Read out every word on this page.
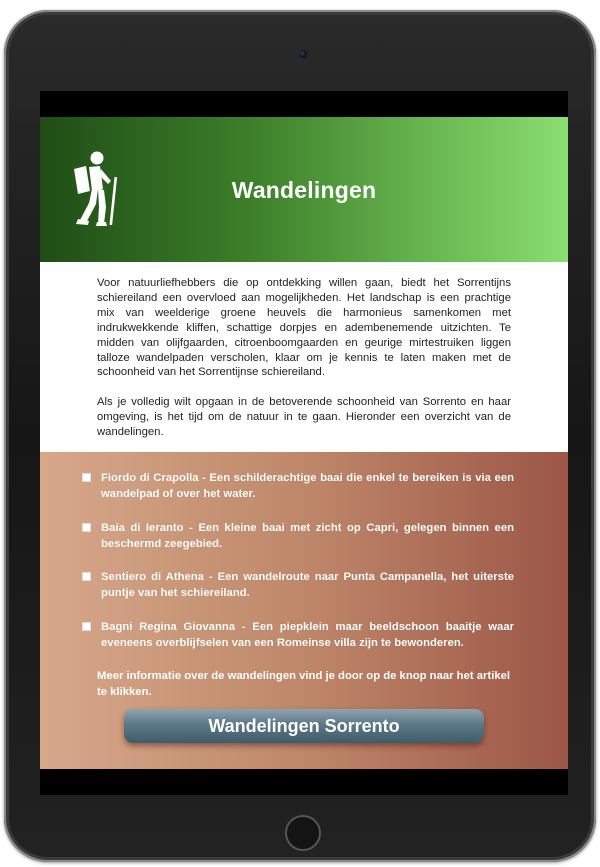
Wandelingen

Voor natuurliefhebbers die op ontdekking willen gaan, biedt het Sorrentijns schiereiland een overvloed aan mogelijkheden. Het landschap is een prachtige mix van weelderige groene heuvels die harmonieus samenkomen met indrukwekkende kliffen, schattige dorpjes en adembenemende uitzichten. Te midden van olijfgaarden, citroenboomgaarden en geurige mirtestruiken liggen talloze wandelpaden verscholen, klaar om je kennis te laten maken met de schoonheid van het Sorrentijnse schiereiland.

Als je volledig wilt opgaan in de betoverende schoonheid van Sorrento en haar omgeving, is het tijd om de natuur in te gaan. Hieronder een overzicht van de wandelingen.

Fiordo di Crapolla - Een schilderachtige baai die enkel te bereiken is via een wandelpad of over het water.

Baia di Ieranto - Een kleine baai met zicht op Capri, gelegen binnen een beschermd zeegebied.

Sentiero di Athena - Een wandelroute naar Punta Campanella, het uiterste puntje van het schiereiland.

Bagni Regina Giovanna - Een piepklein maar beeldschoon baaitje waar eveneens overblijfselen van een Romeinse villa zijn te bewonderen.

Meer informatie over de wandelingen vind je door op de knop naar het artikel te klikken.

Wandelingen Sorrento
